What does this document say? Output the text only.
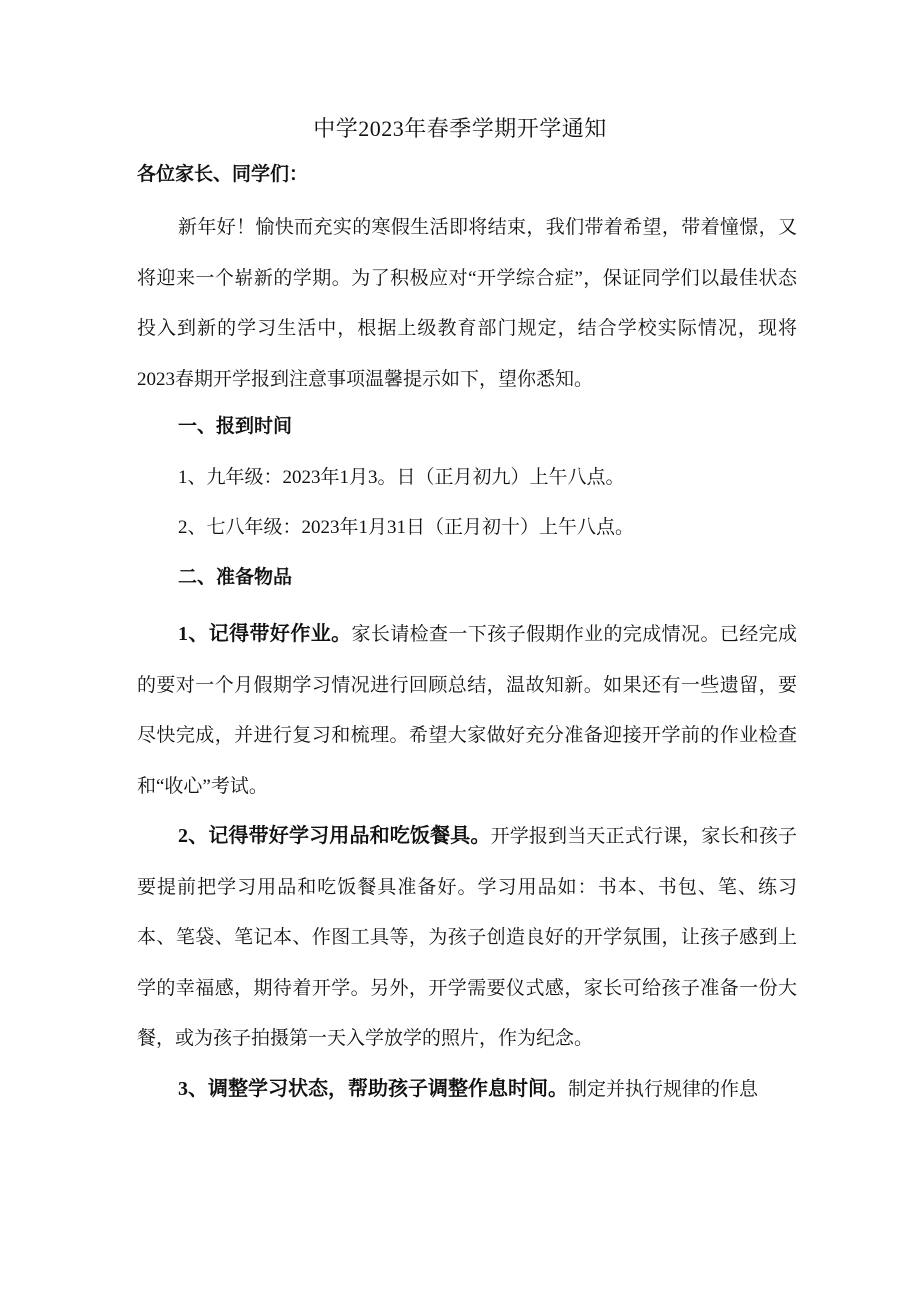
中学2023年春季学期开学通知
各位家长、同学们：
新年好！愉快而充实的寒假生活即将结束，我们带着希望，带着憧憬，又将迎来一个崭新的学期。为了积极应对“开学综合症”，保证同学们以最佳状态投入到新的学习生活中，根据上级教育部门规定，结合学校实际情况，现将2023春期开学报到注意事项温馨提示如下，望你悉知。
一、报到时间
1、九年级：2023年1月3。日（正月初九）上午八点。
2、七八年级：2023年1月31日（正月初十）上午八点。
二、准备物品
1、记得带好作业。家长请检查一下孩子假期作业的完成情况。已经完成的要对一个月假期学习情况进行回顾总结，温故知新。如果还有一些遗留，要尽快完成，并进行复习和梳理。希望大家做好充分准备迎接开学前的作业检查和“收心”考试。
2、记得带好学习用品和吃饭餐具。开学报到当天正式行课，家长和孩子要提前把学习用品和吃饭餐具准备好。学习用品如：书本、书包、笔、练习本、笔袋、笔记本、作图工具等，为孩子创造良好的开学氛围，让孩子感到上学的幸福感，期待着开学。另外，开学需要仪式感，家长可给孩子准备一份大餐，或为孩子拍摄第一天入学放学的照片，作为纪念。
3、调整学习状态，帮助孩子调整作息时间。制定并执行规律的作息
